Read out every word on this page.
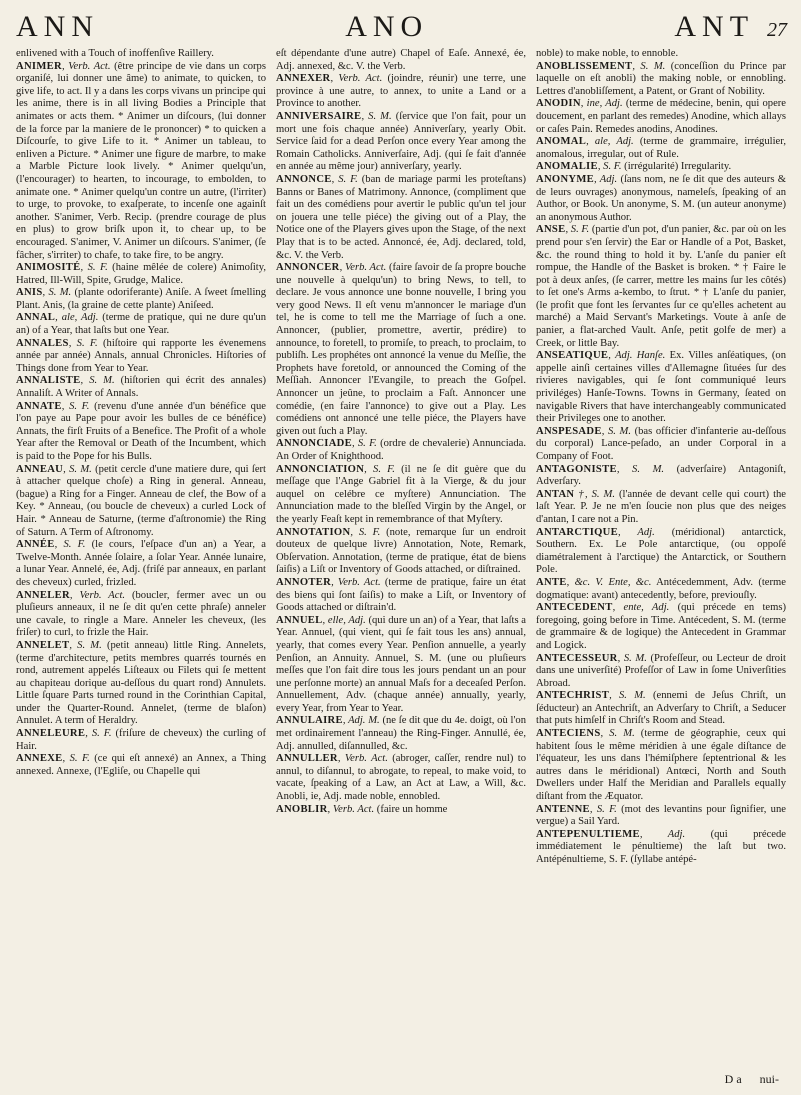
ANN	ANO	ANT 27

enlivened with a Touch of inoffenſive Raillery.

ANIMER, Verb. Act. (être principe de vie dans un corps organiſé, lui donner une âme) to animate, to quicken, to give life, to act. Il y a dans les corps vivans un principe qui les anime, there is in all living Bodies a Principle that animates or acts them. * Animer un diſcours, (lui donner de la force par la maniere de le prononcer) * to quicken a Diſcourſe, to give Life to it. * Animer un tableau, to enliven a Picture. * Animer une figure de marbre, to make a Marble Picture look lively. * Animer quelqu'un, (l'encourager) to hearten, to incourage, to embolden, to animate one. * Animer quelqu'un contre un autre, (l'irriter) to urge, to provoke, to exaſperate, to incenſe one againſt another. S'animer, Verb. Recip. (prendre courage de plus en plus) to grow briſk upon it, to chear up, to be encouraged. S'animer, V. Animer un diſcours. S'animer, (ſe fâcher, s'irriter) to chafe, to take fire, to be angry.

ANIMOSITÉ, S. F. (haine mêlée de colere) Animoſity, Hatred, Ill-Will, Spite, Grudge, Malice.

ANIS, S. M. (plante odoriferante) Aniſe. A ſweet ſmelling Plant. Anis, (la graine de cette plante) Aniſeed.

ANNAL, ale, Adj. (terme de pratique, qui ne dure qu'un an) of a Year, that laſts but one Year.

ANNALES, S. F. (hiſtoire qui rapporte les évenemens année par année) Annals, annual Chronicles. Hiſtories of Things done from Year to Year.

ANNALISTE, S. M. (hiſtorien qui écrit des annales) Annaliſt. A Writer of Annals.

ANNATE, S. F. (revenu d'une année d'un bénéfice que l'on paye au Pape pour avoir les bulles de ce bénéfice) Annats, the firſt Fruits of a Benefice. The Profit of a whole Year after the Removal or Death of the Incumbent, which is paid to the Pope for his Bulls.

ANNEAU, S. M. (petit cercle d'une matiere dure, qui ſert à attacher quelque choſe) a Ring in general. Anneau, (bague) a Ring for a Finger. Anneau de clef, the Bow of a Key. * Anneau, (ou boucle de cheveux) a curled Lock of Hair. * Anneau de Saturne, (terme d'aſtronomie) the Ring of Saturn. A Term of Aſtronomy.

ANNÉE, S. F. (le cours, l'eſpace d'un an) a Year, a Twelve-Month. Année ſolaire, a ſolar Year. Année lunaire, a lunar Year. Annelé, ée, Adj. (friſé par anneaux, en parlant des cheveux) curled, frizled.

ANNELER, Verb. Act. (boucler, fermer avec un ou pluſieurs anneaux, il ne ſe dit qu'en cette phraſe) anneler une cavale, to ringle a Mare. Anneler les cheveux, (les friſer) to curl, to frizle the Hair.

ANNELET, S. M. (petit anneau) little Ring. Annelets, (terme d'architecture, petits membres quarrés tournés en rond, autrement appelés Liſteaux ou Filets qui ſe mettent au chapiteau dorique au-deſſous du quart rond) Annulets. Little ſquare Parts turned round in the Corinthian Capital, under the Quarter-Round. Annelet, (terme de blaſon) Annulet. A term of Heraldry.

ANNELEURE, S. F. (friſure de cheveux) the curling of Hair.

ANNEXE, S. F. (ce qui eſt annexé) an Annex, a Thing annexed. Annexe, (l'Egliſe, ou Chapelle qui

eſt dépendante d'une autre) Chapel of Eaſe. Annexé, ée, Adj. annexed, &c. V. the Verb.

ANNEXER, Verb. Act. (joindre, réunir) une terre, une province à une autre, to annex, to unite a Land or a Province to another.

ANNIVERSAIRE, S. M. (ſervice que l'on fait, pour un mort une fois chaque année) Anniverſary, yearly Obit. Service ſaid for a dead Perſon once every Year among the Romain Catholicks. Anniverſaire, Adj. (qui ſe fait d'année en année au même jour) anniverſary, yearly.

ANNONCE, S. F. (ban de mariage parmi les proteſtans) Banns or Banes of Matrimony. Annonce, (compliment que fait un des comédiens pour avertir le public qu'un tel jour on jouera une telle piéce) the giving out of a Play, the Notice one of the Players gives upon the Stage, of the next Play that is to be acted. Annoncé, ée, Adj. declared, told, &c. V. the Verb.

ANNONCER, Verb. Act. (faire ſavoir de ſa propre bouche une nouvelle à quelqu'un) to bring News, to tell, to declare. Je vous annonce une bonne nouvelle, I bring you very good News. Il eſt venu m'annoncer le mariage d'un tel, he is come to tell me the Marriage of ſuch a one. Annoncer, (publier, promettre, avertir, prédire) to announce, to foretell, to promiſe, to preach, to proclaim, to publiſh. Les prophétes ont annoncé la venue du Meſſie, the Prophets have foretold, or announced the Coming of the Meſſiah. Annoncer l'Evangile, to preach the Goſpel. Annoncer un jeûne, to proclaim a Faſt. Annoncer une comédie, (en faire l'annonce) to give out a Play. Les comédiens ont annoncé une telle piéce, the Players have given out ſuch a Play.

ANNONCIADE, S. F. (ordre de chevalerie) Annunciada. An Order of Knighthood.

ANNONCIATION, S. F. (il ne ſe dit guère que du meſſage que l'Ange Gabriel fit à la Vierge, & du jour auquel on celébre ce myſtere) Annunciation. The Annunciation made to the bleſſed Virgin by the Angel, or the yearly Feaſt kept in remembrance of that Myſtery.

ANNOTATION, S. F. (note, remarque ſur un endroit douteux de quelque livre) Annotation, Note, Remark, Obſervation. Annotation, (terme de pratique, état de biens ſaiſis) a Liſt or Inventory of Goods attached, or diſtrained.

ANNOTER, Verb. Act. (terme de pratique, faire un état des biens qui ſont ſaiſis) to make a Liſt, or Inventory of Goods attached or diſtrain'd.

ANNUEL, elle, Adj. (qui dure un an) of a Year, that laſts a Year. Annuel, (qui vient, qui ſe fait tous les ans) annual, yearly, that comes every Year. Penſion annuelle, a yearly Penſion, an Annuity. Annuel, S. M. (une ou pluſieurs meſſes que l'on fait dire tous les jours pendant un an pour une perſonne morte) an annual Maſs for a deceaſed Perſon. Annuellement, Adv. (chaque année) annually, yearly, every Year, from Year to Year.

ANNULAIRE, Adj. M. (ne ſe dit que du 4e. doigt, où l'on met ordinairement l'anneau) the Ring-Finger. Annullé, ée, Adj. annulled, diſannulled, &c.

ANNULLER, Verb. Act. (abroger, caſſer, rendre nul) to annul, to diſannul, to abrogate, to repeal, to make void, to vacate, ſpeaking of a Law, an Act at Law, a Will, &c. Anobli, ie, Adj. made noble, ennobled.

ANOBLIR, Verb. Act. (faire un homme

noble) to make noble, to ennoble.

ANOBLISSEMENT, S. M. (conceſſion du Prince par laquelle on eſt anobli) the making noble, or ennobling. Lettres d'anobliſſement, a Patent, or Grant of Nobility.

ANODIN, ine, Adj. (terme de médecine, benin, qui opere doucement, en parlant des remedes) Anodine, which allays or caſes Pain. Remedes anodins, Anodines.

ANOMAL, ale, Adj. (terme de grammaire, irrégulier, anomalous, irregular, out of Rule.

ANOMALIE, S. F. (irrégularité) Irregularity.

ANONYME, Adj. (ſans nom, ne ſe dit que des auteurs & de leurs ouvrages) anonymous, nameleſs, ſpeaking of an Author, or Book. Un anonyme, S. M. (un auteur anonyme) an anonymous Author.

ANSE, S. F. (partie d'un pot, d'un panier, &c. par où on les prend pour s'en ſervir) the Ear or Handle of a Pot, Basket, &c. the round thing to hold it by. L'anſe du panier eſt rompue, the Handle of the Basket is broken. * † Faire le pot à deux anſes, (ſe carrer, mettre les mains ſur les côtés) to ſet one's Arms a-kembo, to ſtrut. * † L'anſe du panier, (le profit que font les ſervantes ſur ce qu'elles achetent au marché) a Maid Servant's Marketings. Voute à anſe de panier, a flat-arched Vault. Anſe, petit golfe de mer) a Creek, or little Bay.

ANSEATIQUE, Adj. Hanſe. Ex. Villes anſéatiques, (on appelle ainſi certaines villes d'Allemagne ſituées ſur des rivieres navigables, qui ſe ſont communiqué leurs priviléges) Hanſe-Towns. Towns in Germany, ſeated on navigable Rivers that have interchangeably communicated their Privileges one to another.

ANSPESADE, S. M. (bas officier d'infanterie au-deſſous du corporal) Lance-peſado, an under Corporal in a Company of Foot.

ANTAGONISTE, S. M. (adverſaire) Antagoniſt, Adverſary.

ANTAN †, S. M. (l'année de devant celle qui court) the laſt Year. P. Je ne m'en ſoucie non plus que des neiges d'antan, I care not a Pin.

ANTARCTIQUE, Adj. (méridional) antarctick, Southern. Ex. Le Pole antarctique, (ou oppoſé diamétralement à l'arctique) the Antarctick, or Southern Pole.

ANTE, &c. V. Ente, &c. Antécedemment, Adv. (terme dogmatique: avant) antecedently, before, previouſly.

ANTECEDENT, ente, Adj. (qui précede en tems) foregoing, going before in Time. Antécedent, S. M. (terme de grammaire & de logique) the Antecedent in Grammar and Logick.

ANTECESSEUR, S. M. (Profeſſeur, ou Lecteur de droit dans une univerſité) Profeſſor of Law in ſome Univerſities Abroad.

ANTECHRIST, S. M. (ennemi de Jeſus Chriſt, un ſéducteur) an Antechriſt, an Adverſary to Chriſt, a Seducer that puts himſelf in Chriſt's Room and Stead.

ANTECIENS, S. M. (terme de géographie, ceux qui habitent ſous le même méridien à une égale diſtance de l'équateur, les uns dans l'hémiſphere ſeptentrional & les autres dans le méridional) Antœci, North and South Dwellers under Half the Meridian and Parallels equally diſtant from the Æquator.

ANTENNE, S. F. (mot des levantins pour ſignifier, une vergue) a Sail Yard.

ANTEPENULTIEME, Adj. (qui précede immédiatement le pénultieme) the laſt but two. Antépénultieme, S. F. (ſyllabe antépé-

D a nui-
